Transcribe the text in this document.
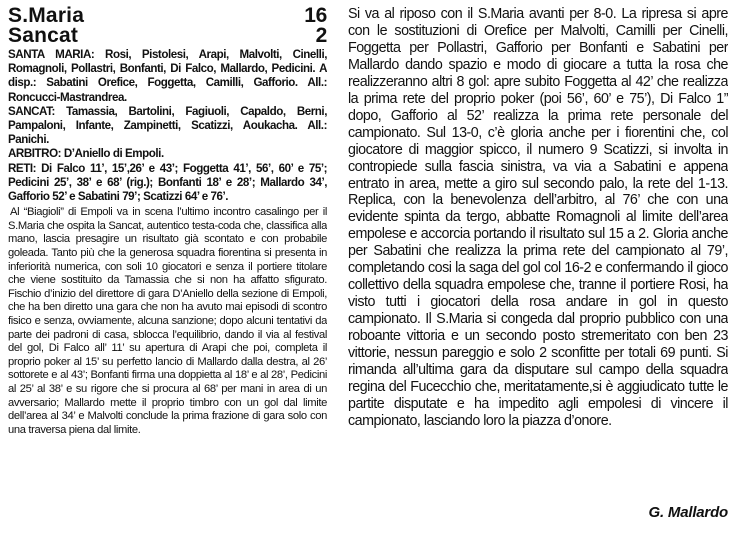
S.Maria	16
Sancat	2

SANTA MARIA: Rosi, Pistolesi, Arapi, Malvolti, Cinelli, Romagnoli, Pollastri, Bonfanti, Di Falco, Mallardo, Pedicini. A disp.: Sabatini Orefice, Foggetta, Camilli, Gafforio. All.: Roncucci-Mastrandrea.

SANCAT: Tamassia, Bartolini, Fagiuoli, Capaldo, Berni, Pampaloni, Infante, Zampinetti, Scatizzi, Aoukacha. All.: Panichi.

ARBITRO: D’Aniello di Empoli.

RETI: Di Falco 11’, 15’,26’ e 43’; Foggetta 41’, 56’, 60’ e 75’; Pedicini 25’, 38’ e 68’ (rig.); Bonfanti 18’ e 28’; Mallardo 34’, Gafforio 52’ e Sabatini 79’; Scatizzi 64’ e 76’.

Al “Biagioli” di Empoli va in scena l’ultimo incontro casalingo per il S.Maria che ospita la Sancat, autentico testa-coda che, classifica alla mano, lascia presagire un risultato già scontato e con probabile goleada. Tanto più che la generosa squadra fiorentina si presenta in inferiorità numerica, con soli 10 giocatori e senza il portiere titolare che viene sostituito da Tamassia che si non ha affatto sfigurato. Fischio d’inizio del direttore di gara D’Aniello della sezione di Empoli, che ha ben diretto una gara che non ha avuto mai episodi di scontro fisico e senza, ovviamente, alcuna sanzione; dopo alcuni tentativi da parte dei padroni di casa, sblocca l’equilibrio, dando il via al festival del gol, Di Falco all’ 11’ su apertura di Arapi che poi, completa il proprio poker al 15’ su perfetto lancio di Mallardo dalla destra, al 26’ sottorete e al 43’; Bonfanti firma una doppietta al 18’ e al 28’, Pedicini al 25’ al 38’ e su rigore che si procura al 68’ per mani in area di un avversario; Mallardo mette il proprio timbro con un gol dal limite dell’area al 34’ e Malvolti conclude la prima frazione di gara solo con una traversa piena dal limite.

Si va al riposo con il S.Maria avanti per 8-0. La ripresa si apre con le sostituzioni di Orefice per Malvolti, Camilli per Cinelli, Foggetta per Pollastri, Gafforio per Bonfanti e Sabatini per Mallardo dando spazio e modo di giocare a tutta la rosa che realizzeranno altri 8 gol: apre subito Foggetta al 42’ che realizza la prima rete del proprio poker (poi 56’, 60’ e 75’), Di Falco 1” dopo, Gafforio al 52’ realizza la prima rete personale del campionato. Sul 13-0, c’è gloria anche per i fiorentini che, col giocatore di maggior spicco, il numero 9 Scatizzi, si involta in contropiede sulla fascia sinistra, va via a Sabatini e appena entrato in area, mette a giro sul secondo palo, la rete del 1-13. Replica, con la benevolenza dell’arbitro, al 76’ che con una evidente spinta da tergo, abbatte Romagnoli al limite dell’area empolese e accorcia portando il risultato sul 15 a 2. Gloria anche per Sabatini che realizza la prima rete del campionato al 79’, completando cosi la saga del gol col 16-2 e confermando il gioco collettivo della squadra empolese che, tranne il portiere Rosi, ha visto tutti i giocatori della rosa andare in gol in questo campionato. Il S.Maria si congeda dal proprio pubblico con una roboante vittoria e un secondo posto stremeritato con ben 23 vittorie, nessun pareggio e solo 2 sconfitte per totali 69 punti. Si rimanda all’ultima gara da disputare sul campo della squadra regina del Fucecchio che, meritatamente,si è aggiudicato tutte le partite disputate e ha impedito agli empolesi di vincere il campionato, lasciando loro la piazza d’onore.

G. Mallardo
